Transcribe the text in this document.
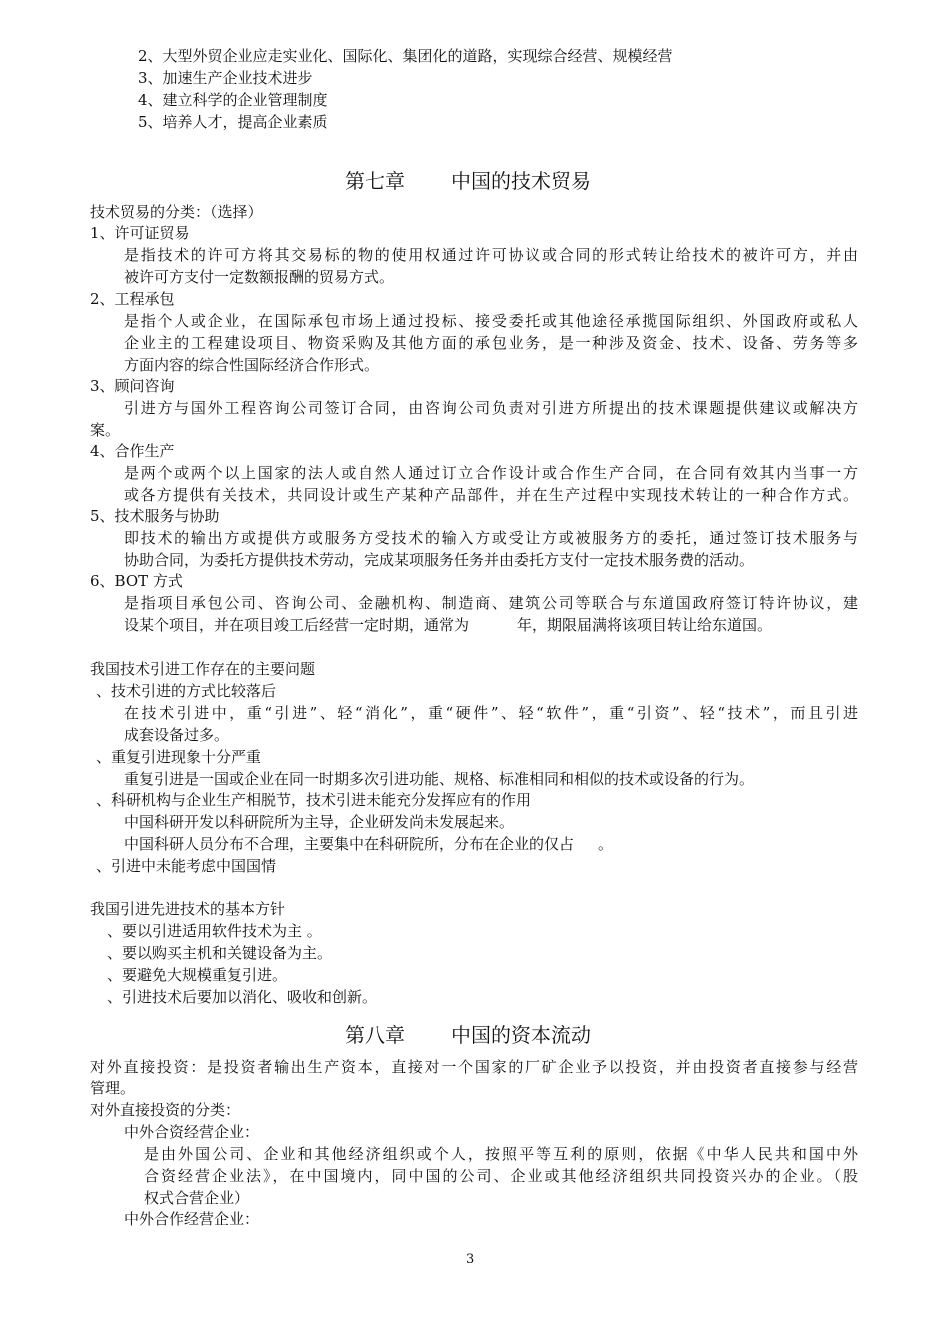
2、大型外贸企业应走实业化、国际化、集团化的道路，实现综合经营、规模经营

3、加速生产企业技术进步

4、建立科学的企业管理制度

5、培养人才，提高企业素质

第七章 中国的技术贸易

技术贸易的分类：（选择）

1、许可证贸易

是指技术的许可方将其交易标的物的使用权通过许可协议或合同的形式转让给技术的被许可方，并由

被许可方支付一定数额报酬的贸易方式。

2、工程承包

是指个人或企业，在国际承包市场上通过投标、接受委托或其他途径承揽国际组织、外国政府或私人

企业主的工程建设项目、物资采购及其他方面的承包业务，是一种涉及资金、技术、设备、劳务等多

方面内容的综合性国际经济合作形式。

3、顾问咨询

引进方与国外工程咨询公司签订合同，由咨询公司负责对引进方所提出的技术课题提供建议或解决方

案。

4、合作生产

是两个或两个以上国家的法人或自然人通过订立合作设计或合作生产合同，在合同有效其内当事一方

或各方提供有关技术，共同设计或生产某种产品部件，并在生产过程中实现技术转让的一种合作方式。

5、技术服务与协助

即技术的输出方或提供方或服务方受技术的输入方或受让方或被服务方的委托，通过签订技术服务与

协助合同，为委托方提供技术劳动，完成某项服务任务并由委托方支付一定技术服务费的活动。

6、BOT 方式

是指项目承包公司、咨询公司、金融机构、制造商、建筑公司等联合与东道国政府签订特许协议，建

设某个项目，并在项目竣工后经营一定时期，通常为	年，期限届满将该项目转让给东道国。

我国技术引进工作存在的主要问题

、技术引进的方式比较落后

在技术引进中，重“引进”、轻“消化”，重“硬件”、轻“软件”，重“引资”、轻“技术”，而且引进

成套设备过多。

、重复引进现象十分严重

重复引进是一国或企业在同一时期多次引进功能、规格、标准相同和相似的技术或设备的行为。

、科研机构与企业生产相脱节，技术引进未能充分发挥应有的作用

中国科研开发以科研院所为主导，企业研发尚未发展起来。

中国科研人员分布不合理，主要集中在科研院所，分布在企业的仅占 。

、引进中未能考虑中国国情

我国引进先进技术的基本方针

、要以引进适用软件技术为主 。

、要以购买主机和关键设备为主。

、要避免大规模重复引进。

、引进技术后要加以消化、吸收和创新。

第八章 中国的资本流动

对外直接投资：是投资者输出生产资本，直接对一个国家的厂矿企业予以投资，并由投资者直接参与经营

管理。

对外直接投资的分类：

中外合资经营企业：

是由外国公司、企业和其他经济组织或个人，按照平等互利的原则，依据《中华人民共和国中外

合资经营企业法》，在中国境内，同中国的公司、企业或其他经济组织共同投资兴办的企业。（股

权式合营企业）

中外合作经营企业：

3
